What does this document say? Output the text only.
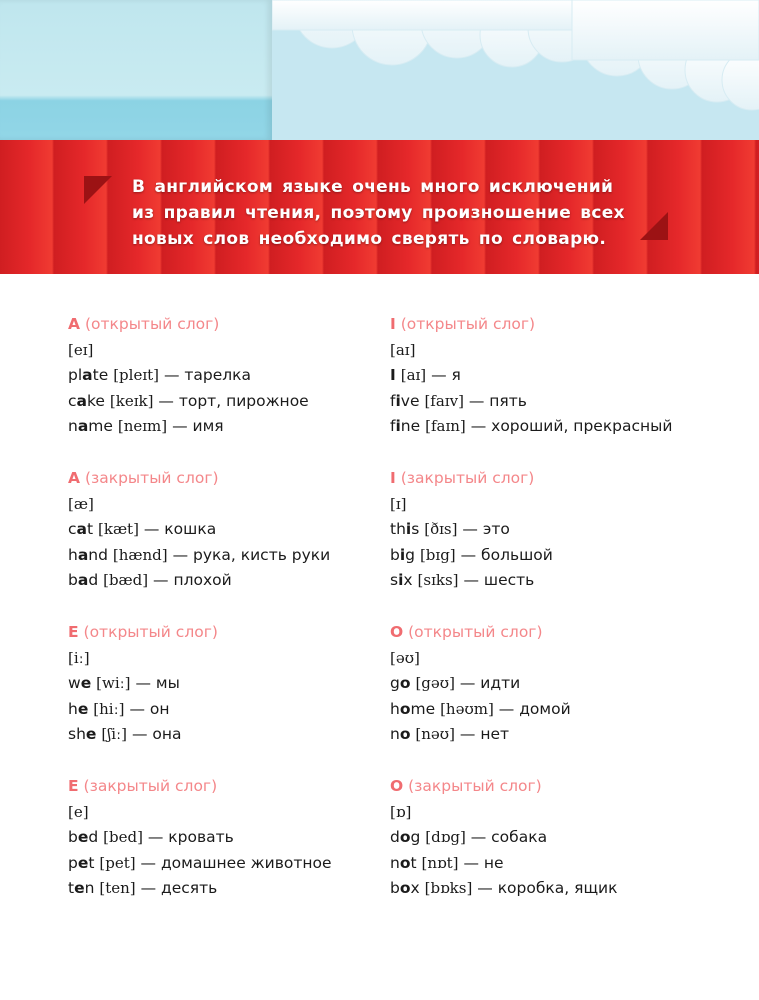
В английском языке очень много исключений
из правил чтения, поэтому произношение всех
новых слов необходимо сверять по словарю.
A (открытый слог)
[eɪ]
plate [pleɪt] — тарелка
cake [keɪk] — торт, пирожное
name [neɪm] — имя
A (закрытый слог)
[æ]
cat [kæt] — кошка
hand [hænd] — рука, кисть руки
bad [bæd] — плохой
E (открытый слог)
[iː]
we [wiː] — мы
he [hiː] — он
she [ʃiː] — она
E (закрытый слог)
[e]
bed [bed] — кровать
pet [pet] — домашнее животное
ten [ten] — десять
I (открытый слог)
[aɪ]
I [aɪ] — я
five [faɪv] — пять
fine [faɪn] — хороший, прекрасный
I (закрытый слог)
[ɪ]
this [ðɪs] — это
big [bɪg] — большой
six [sɪks] — шесть
O (открытый слог)
[əʊ]
go [gəʊ] — идти
home [həʊm] — домой
no [nəʊ] — нет
O (закрытый слог)
[ɒ]
dog [dɒg] — собака
not [nɒt] — не
box [bɒks] — коробка, ящик
